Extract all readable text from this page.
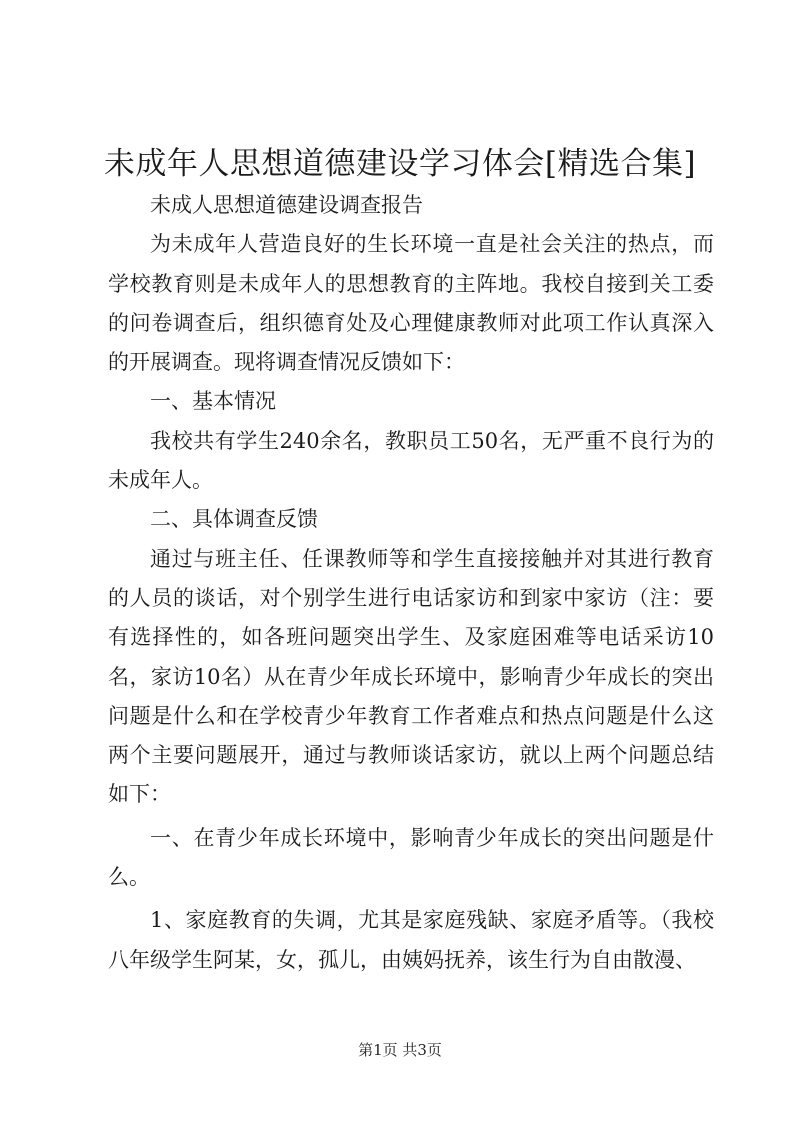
未成年人思想道德建设学习体会[精选合集]

未成人思想道德建设调查报告

为未成年人营造良好的生长环境一直是社会关注的热点，而学校教育则是未成年人的思想教育的主阵地。我校自接到关工委的问卷调查后，组织德育处及心理健康教师对此项工作认真深入的开展调查。现将调查情况反馈如下：

一、基本情况

我校共有学生240余名，教职员工50名，无严重不良行为的未成年人。

二、具体调查反馈

通过与班主任、任课教师等和学生直接接触并对其进行教育的人员的谈话，对个别学生进行电话家访和到家中家访（注：要有选择性的，如各班问题突出学生、及家庭困难等电话采访10名，家访10名）从在青少年成长环境中，影响青少年成长的突出问题是什么和在学校青少年教育工作者难点和热点问题是什么这两个主要问题展开，通过与教师谈话家访，就以上两个问题总结如下：

一、在青少年成长环境中，影响青少年成长的突出问题是什么。

1、家庭教育的失调，尤其是家庭残缺、家庭矛盾等。（我校八年级学生阿某，女，孤儿，由姨妈抚养，该生行为自由散漫、

第1页 共3页
